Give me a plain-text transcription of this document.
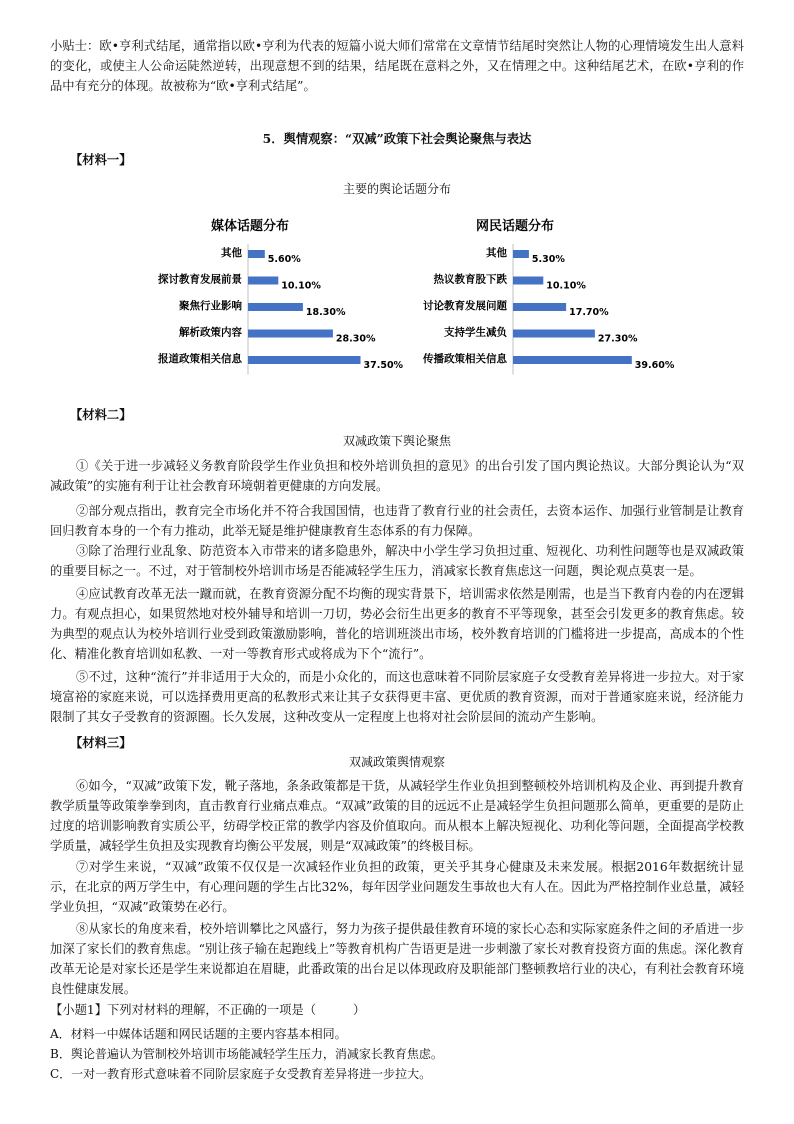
小贴士：欧•亨利式结尾，通常指以欧•亨利为代表的短篇小说大师们常常在文章情节结尾时突然让人物的心理情境发生出人意料的变化，或使主人公命运陡然逆转，出现意想不到的结果，结尾既在意料之外，又在情理之中。这种结尾艺术，在欧•亨利的作品中有充分的体现。故被称为“欧•亨利式结尾”。

5．舆情观察：“双减”政策下社会舆论聚焦与表达

【材料一】

主要的舆论话题分布

媒体话题分布
其他
5.60%
探讨教育发展前景
10.10%
聚焦行业影响
18.30%
解析政策内容
28.30%
报道政策相关信息
37.50%
网民话题分布
其他
5.30%
热议教育股下跌
10.10%
讨论教育发展问题
17.70%
支持学生减负
27.30%
传播政策相关信息
39.60%

【材料二】

双减政策下舆论聚焦

①《关于进一步减轻义务教育阶段学生作业负担和校外培训负担的意见》的出台引发了国内舆论热议。大部分舆论认为“双减政策”的实施有利于让社会教育环境朝着更健康的方向发展。

②部分观点指出，教育完全市场化并不符合我国国情，也违背了教育行业的社会责任，去资本运作、加强行业管制是让教育回归教育本身的一个有力推动，此举无疑是维护健康教育生态体系的有力保障。

③除了治理行业乱象、防范资本入市带来的诸多隐患外，解决中小学生学习负担过重、短视化、功利性问题等也是双减政策的重要目标之一。不过，对于管制校外培训市场是否能减轻学生压力，消减家长教育焦虑这一问题，舆论观点莫衷一是。

④应试教育改革无法一蹴而就，在教育资源分配不均衡的现实背景下，培训需求依然是刚需，也是当下教育内卷的内在逻辑力。有观点担心，如果贸然地对校外辅导和培训一刀切，势必会衍生出更多的教育不平等现象，甚至会引发更多的教育焦虑。较为典型的观点认为校外培训行业受到政策激励影响，普化的培训班淡出市场，校外教育培训的门槛将进一步提高，高成本的个性化、精准化教育培训如私教、一对一等教育形式或将成为下个“流行”。

⑤不过，这种“流行”并非适用于大众的，而是小众化的，而这也意味着不同阶层家庭子女受教育差异将进一步拉大。对于家境富裕的家庭来说，可以选择费用更高的私教形式来让其子女获得更丰富、更优质的教育资源，而对于普通家庭来说，经济能力限制了其女子受教育的资源圈。长久发展，这种改变从一定程度上也将对社会阶层间的流动产生影响。

【材料三】

双减政策舆情观察

⑥如今，“双减”政策下发，靴子落地，条条政策都是干货，从减轻学生作业负担到整顿校外培训机构及企业、再到提升教育教学质量等政策拳拳到肉，直击教育行业痛点难点。“双减”政策的目的远远不止是减轻学生负担问题那么简单，更重要的是防止过度的培训影响教育实质公平，纺碍学校正常的教学内容及价值取向。而从根本上解决短视化、功利化等问题，全面提高学校教学质量，减轻学生负担及实现教育均衡公平发展，则是“双减政策”的终极目标。

⑦对学生来说，“双减”政策不仅仅是一次减轻作业负担的政策，更关乎其身心健康及未来发展。根据2016年数据统计显示，在北京的两万学生中，有心理问题的学生占比32%，每年因学业问题发生事故也大有人在。因此为严格控制作业总量，减轻学业负担，“双减”政策势在必行。

⑧从家长的角度来看，校外培训攀比之风盛行，努力为孩子提供最佳教育环境的家长心态和实际家庭条件之间的矛盾进一步加深了家长们的教育焦虑。“别让孩子输在起跑线上”等教育机构广告语更是进一步刺激了家长对教育投资方面的焦虑。深化教育改革无论是对家长还是学生来说都迫在眉睫，此番政策的出台足以体现政府及职能部门整顿教培行业的决心，有利社会教育环境良性健康发展。

【小题1】下列对材料的理解，不正确的一项是（　　　）

A．材料一中媒体话题和网民话题的主要内容基本相同。

B．舆论普遍认为管制校外培训市场能减轻学生压力，消减家长教育焦虑。

C．一对一教育形式意味着不同阶层家庭子女受教育差异将进一步拉大。
